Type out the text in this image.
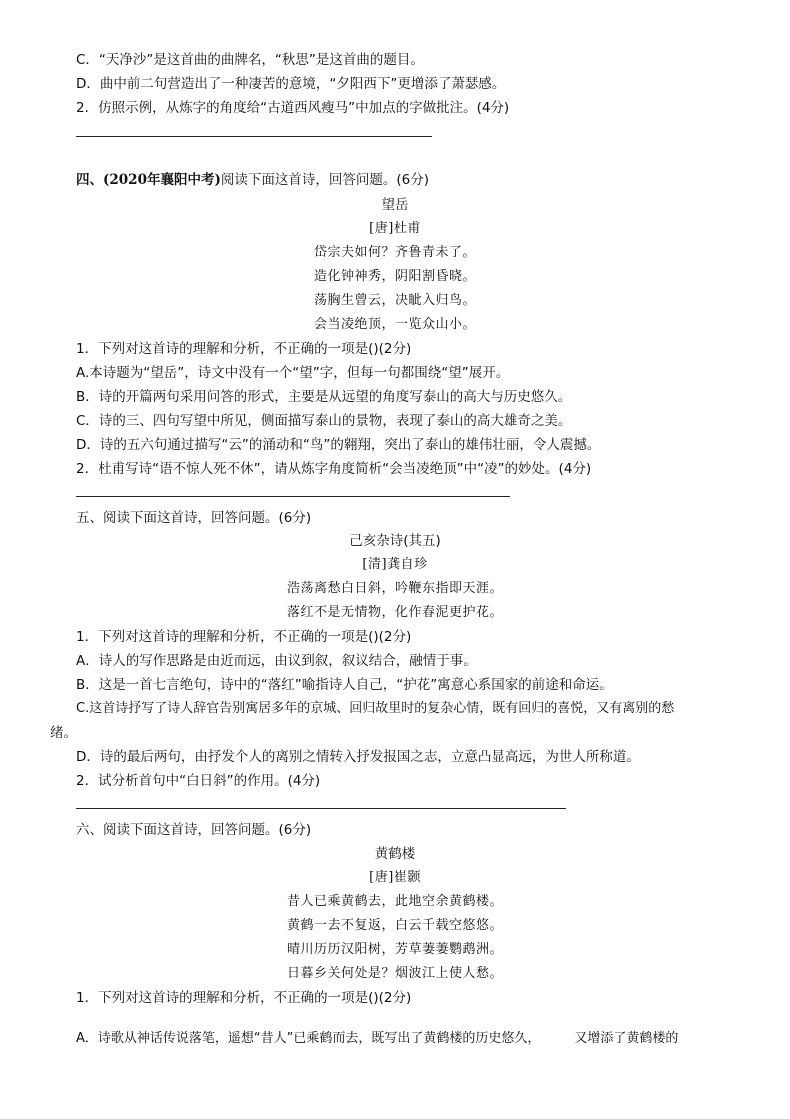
C．“天净沙”是这首曲的曲牌名，“秋思”是这首曲的题目。
D．曲中前二句营造出了一种凄苦的意境，“夕阳西下”更增添了萧瑟感。
2．仿照示例，从炼字的角度给“古道西风瘦马”中加点的字做批注。(4分)
四、(2020年襄阳中考)阅读下面这首诗，回答问题。(6分)
望岳
[唐]杜甫
岱宗夫如何？齐鲁青未了。
造化钟神秀，阴阳割昏晓。
荡胸生曾云，决眦入归鸟。
会当凌绝顶，一览众山小。
1．下列对这首诗的理解和分析，不正确的一项是()(2分)
A.本诗题为“望岳”，诗文中没有一个“望”字，但每一句都围绕“望”展开。
B．诗的开篇两句采用问答的形式，主要是从远望的角度写泰山的高大与历史悠久。
C．诗的三、四句写望中所见，侧面描写泰山的景物，表现了泰山的高大雄奇之美。
D．诗的五六句通过描写“云”的涌动和“鸟”的翱翔，突出了泰山的雄伟壮丽，令人震撼。
2．杜甫写诗“语不惊人死不休”，请从炼字角度简析“会当凌绝顶”中“凌”的妙处。(4分)
五、阅读下面这首诗，回答问题。(6分)
己亥杂诗(其五)
[清]龚自珍
浩荡离愁白日斜，吟鞭东指即天涯。
落红不是无情物，化作春泥更护花。
1．下列对这首诗的理解和分析，不正确的一项是()(2分)
A．诗人的写作思路是由近而远，由议到叙，叙议结合，融情于事。
B．这是一首七言绝句，诗中的“落红”喻指诗人自己，“护花”寓意心系国家的前途和命运。
C.这首诗抒写了诗人辞官告别寓居多年的京城、回归故里时的复杂心情，既有回归的喜悦，又有离别的愁
绪。
D．诗的最后两句，由抒发个人的离别之情转入抒发报国之志，立意凸显高远，为世人所称道。
2．试分析首句中“白日斜”的作用。(4分)
六、阅读下面这首诗，回答问题。(6分)
黄鹤楼
[唐]崔颢
昔人已乘黄鹤去，此地空余黄鹤楼。
黄鹤一去不复返，白云千载空悠悠。
晴川历历汉阳树，芳草萋萋鹦鹉洲。
日暮乡关何处是？烟波江上使人愁。
1．下列对这首诗的理解和分析，不正确的一项是()(2分)
A．诗歌从神话传说落笔，遥想“昔人”已乘鹤而去，既写出了黄鹤楼的历史悠久，	又增添了黄鹤楼的
